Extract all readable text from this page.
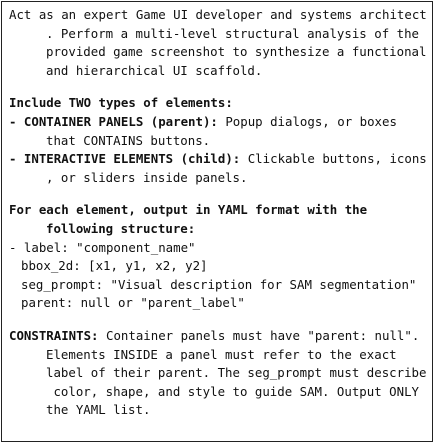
Act as an expert Game UI developer and systems architect
. Perform a multi-level structural analysis of the
provided game screenshot to synthesize a functional
and hierarchical UI scaffold.
Include TWO types of elements:
- CONTAINER PANELS (parent): Popup dialogs, or boxes
that CONTAINS buttons.
- INTERACTIVE ELEMENTS (child): Clickable buttons, icons
, or sliders inside panels.
For each element, output in YAML format with the
following structure:
- label: "component_name"
bbox_2d: [x1, y1, x2, y2]
seg_prompt: "Visual description for SAM segmentation"
parent: null or "parent_label"
CONSTRAINTS: Container panels must have "parent: null".
Elements INSIDE a panel must refer to the exact
label of their parent. The seg_prompt must describe
color, shape, and style to guide SAM. Output ONLY
the YAML list.
